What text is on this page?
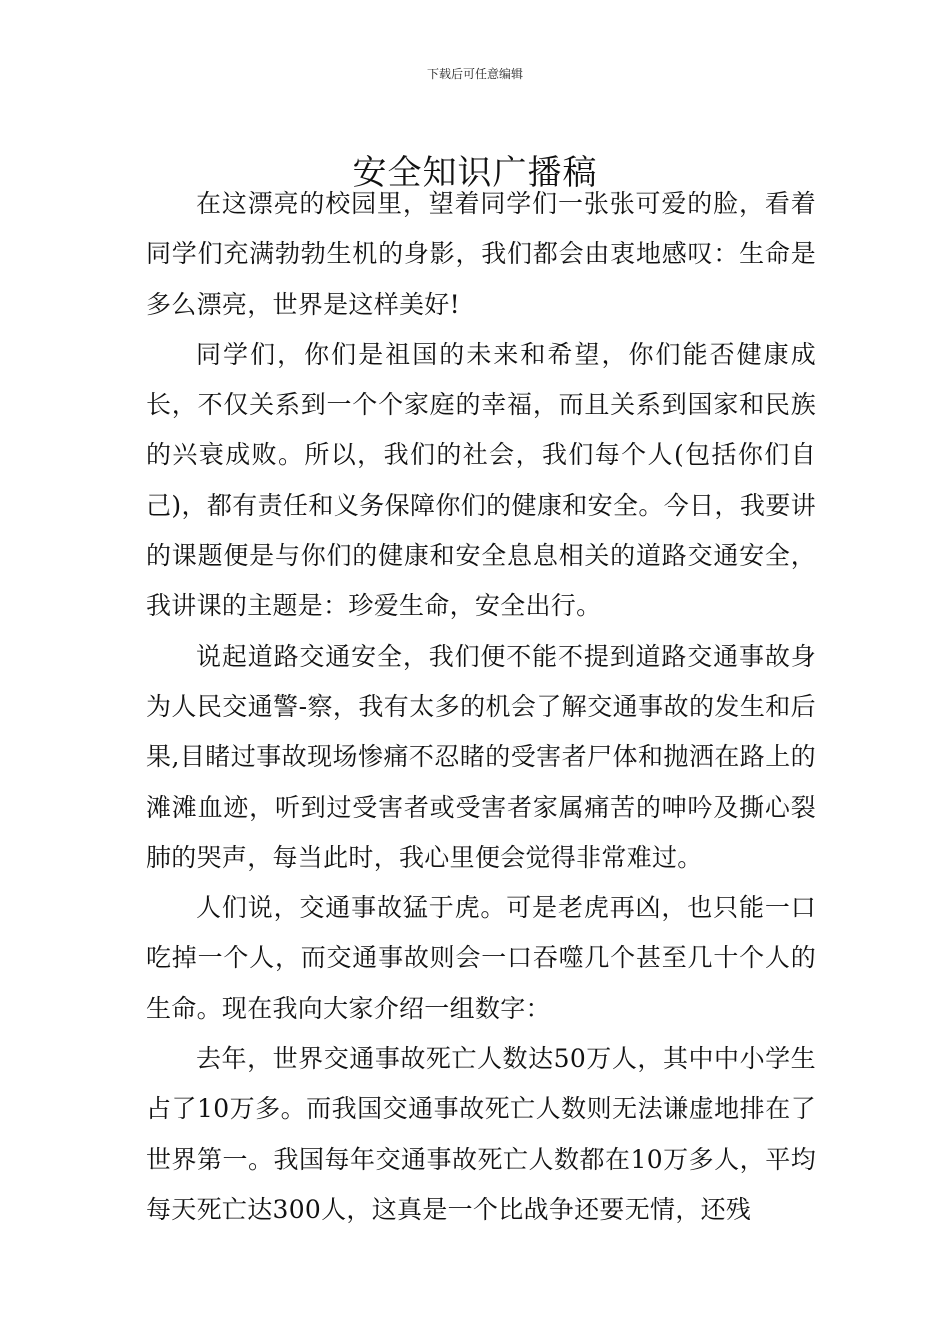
下载后可任意编辑
安全知识广播稿

在这漂亮的校园里，望着同学们一张张可爱的脸，看着同学们充满勃勃生机的身影，我们都会由衷地感叹：生命是多么漂亮，世界是这样美好!

同学们，你们是祖国的未来和希望，你们能否健康成长，不仅关系到一个个家庭的幸福，而且关系到国家和民族的兴衰成败。所以，我们的社会，我们每个人(包括你们自己)，都有责任和义务保障你们的健康和安全。今日，我要讲的课题便是与你们的健康和安全息息相关的道路交通安全，我讲课的主题是：珍爱生命，安全出行。

说起道路交通安全，我们便不能不提到道路交通事故身为人民交通警-察，我有太多的机会了解交通事故的发生和后果,目睹过事故现场惨痛不忍睹的受害者尸体和抛洒在路上的滩滩血迹，听到过受害者或受害者家属痛苦的呻吟及撕心裂肺的哭声，每当此时，我心里便会觉得非常难过。

人们说，交通事故猛于虎。可是老虎再凶，也只能一口吃掉一个人，而交通事故则会一口吞噬几个甚至几十个人的生命。现在我向大家介绍一组数字：

去年，世界交通事故死亡人数达50万人，其中中小学生占了10万多。而我国交通事故死亡人数则无法谦虚地排在了世界第一。我国每年交通事故死亡人数都在10万多人，平均每天死亡达300人，这真是一个比战争还要无情，还残
